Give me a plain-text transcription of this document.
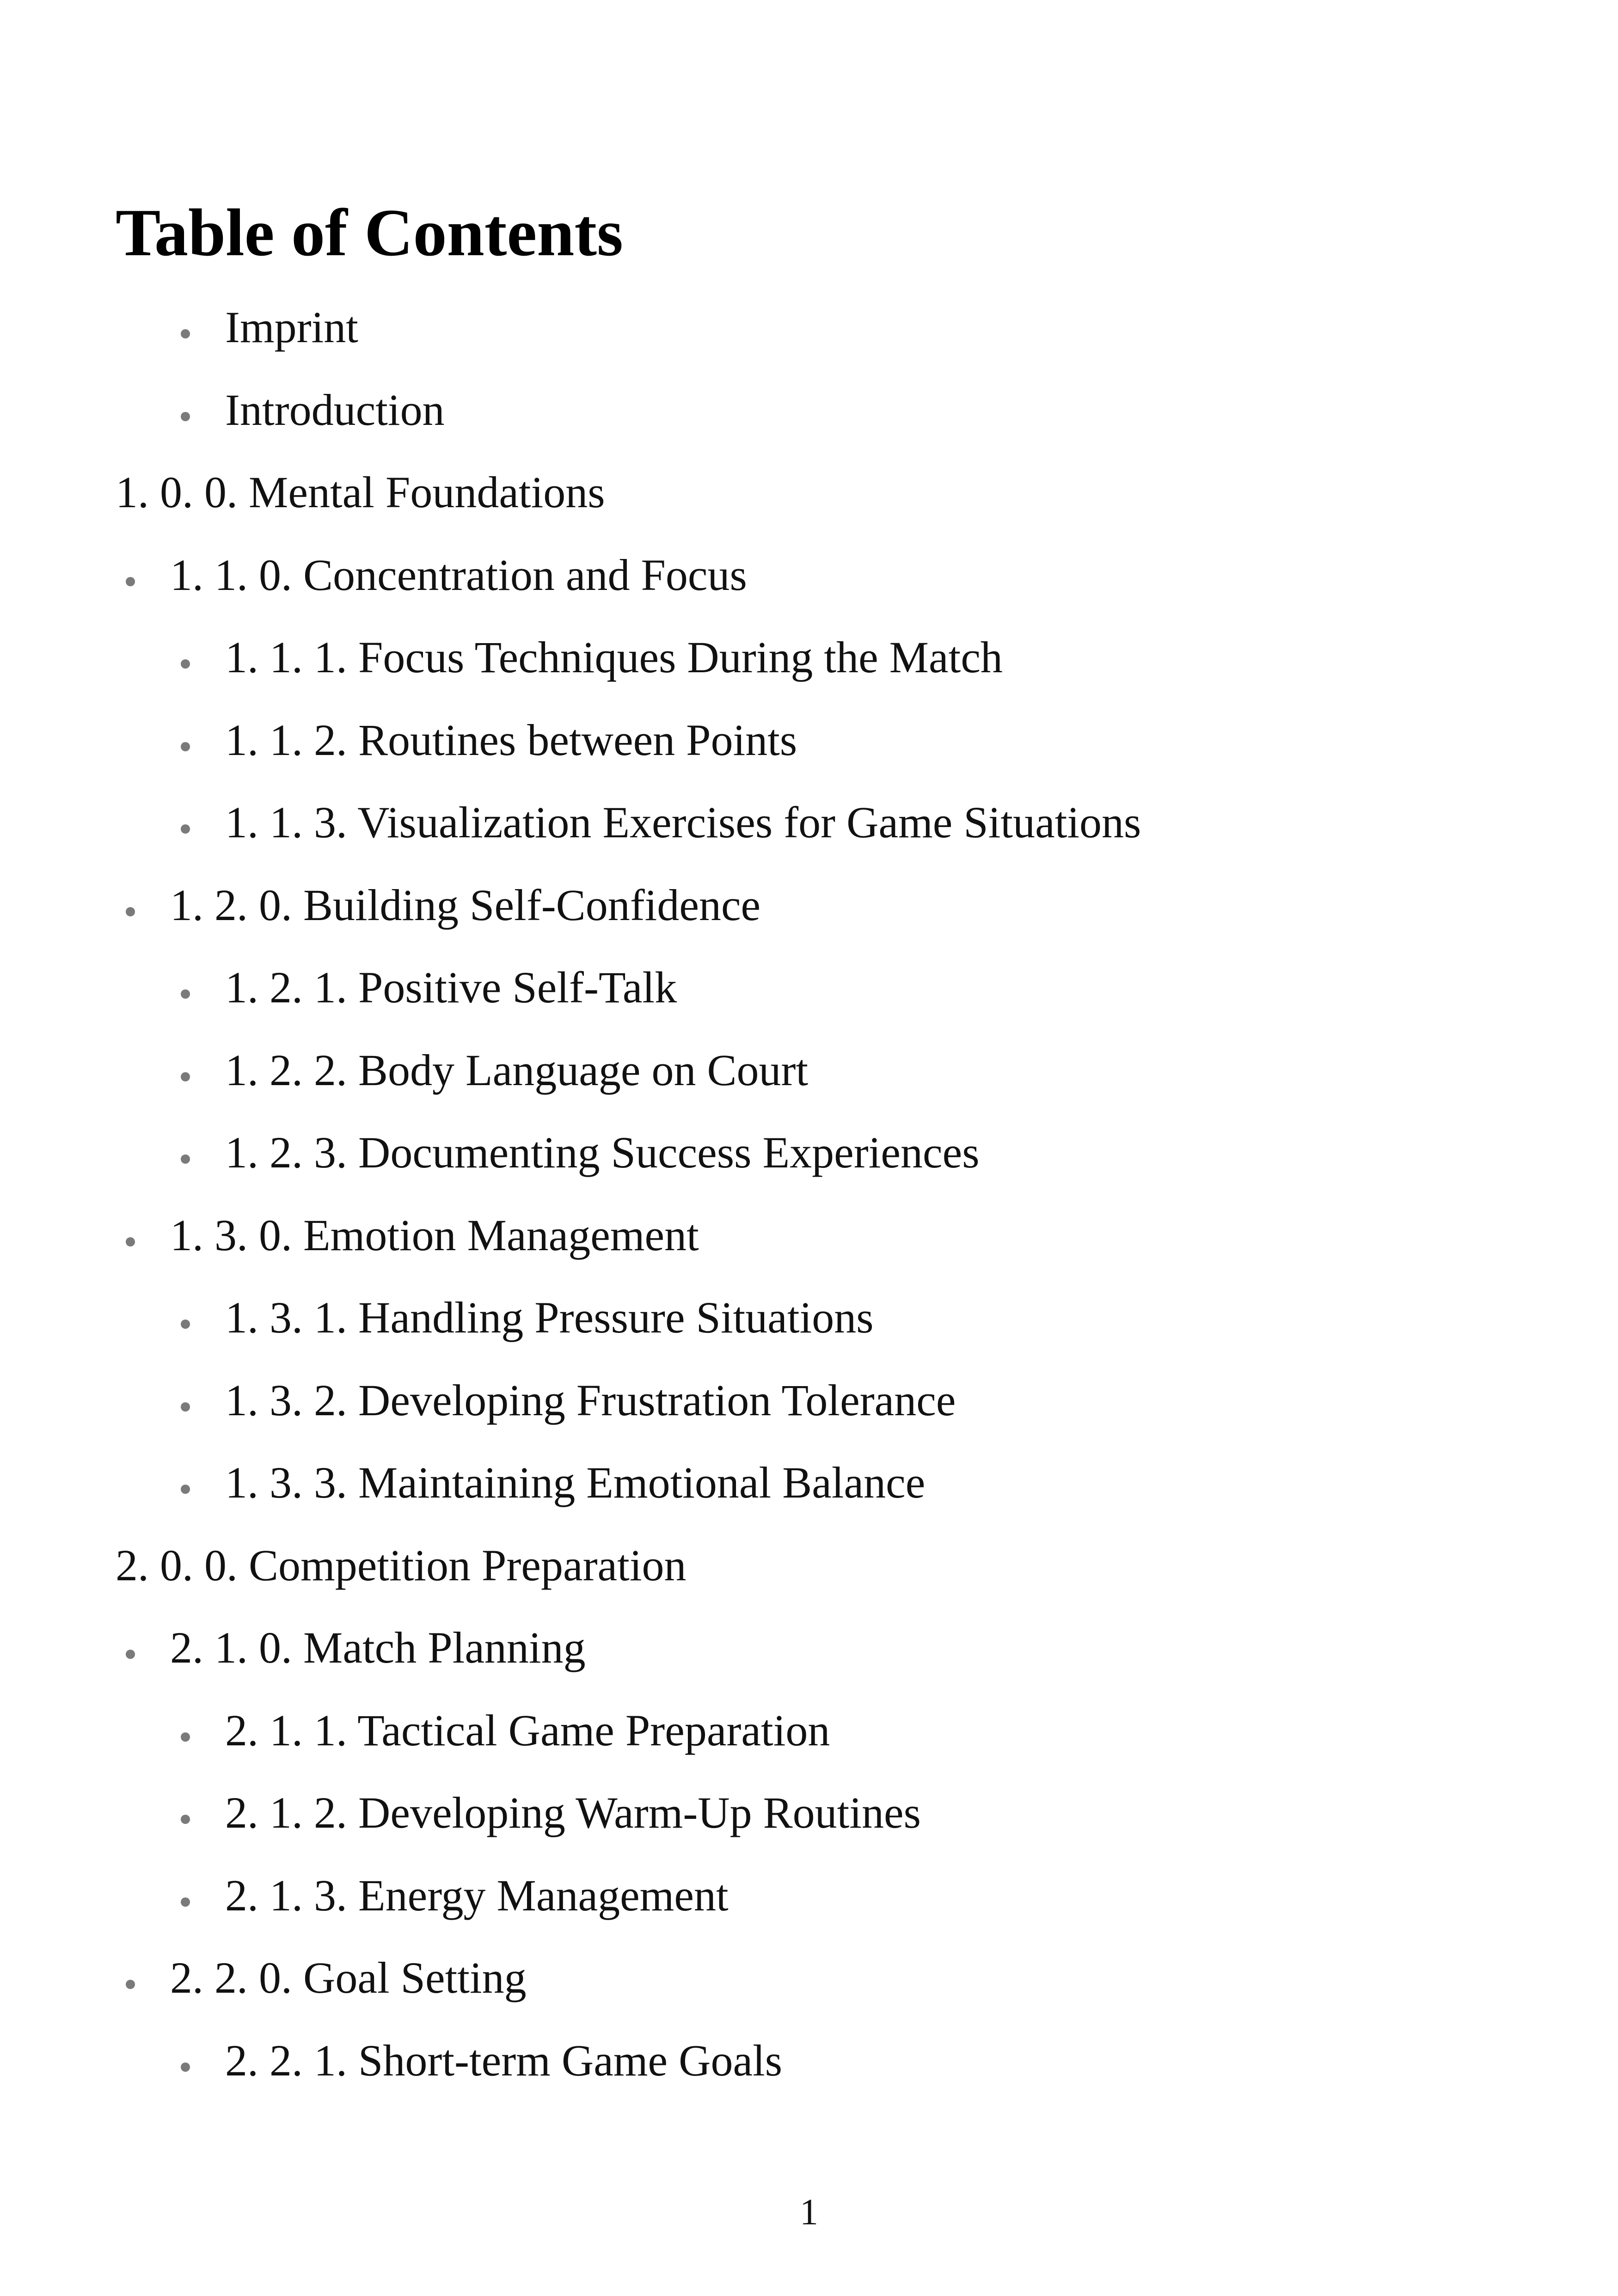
Table of Contents
Imprint
Introduction
1. 0. 0. Mental Foundations
1. 1. 0. Concentration and Focus
1. 1. 1. Focus Techniques During the Match
1. 1. 2. Routines between Points
1. 1. 3. Visualization Exercises for Game Situations
1. 2. 0. Building Self-Confidence
1. 2. 1. Positive Self-Talk
1. 2. 2. Body Language on Court
1. 2. 3. Documenting Success Experiences
1. 3. 0. Emotion Management
1. 3. 1. Handling Pressure Situations
1. 3. 2. Developing Frustration Tolerance
1. 3. 3. Maintaining Emotional Balance
2. 0. 0. Competition Preparation
2. 1. 0. Match Planning
2. 1. 1. Tactical Game Preparation
2. 1. 2. Developing Warm-Up Routines
2. 1. 3. Energy Management
2. 2. 0. Goal Setting
2. 2. 1. Short-term Game Goals
1
